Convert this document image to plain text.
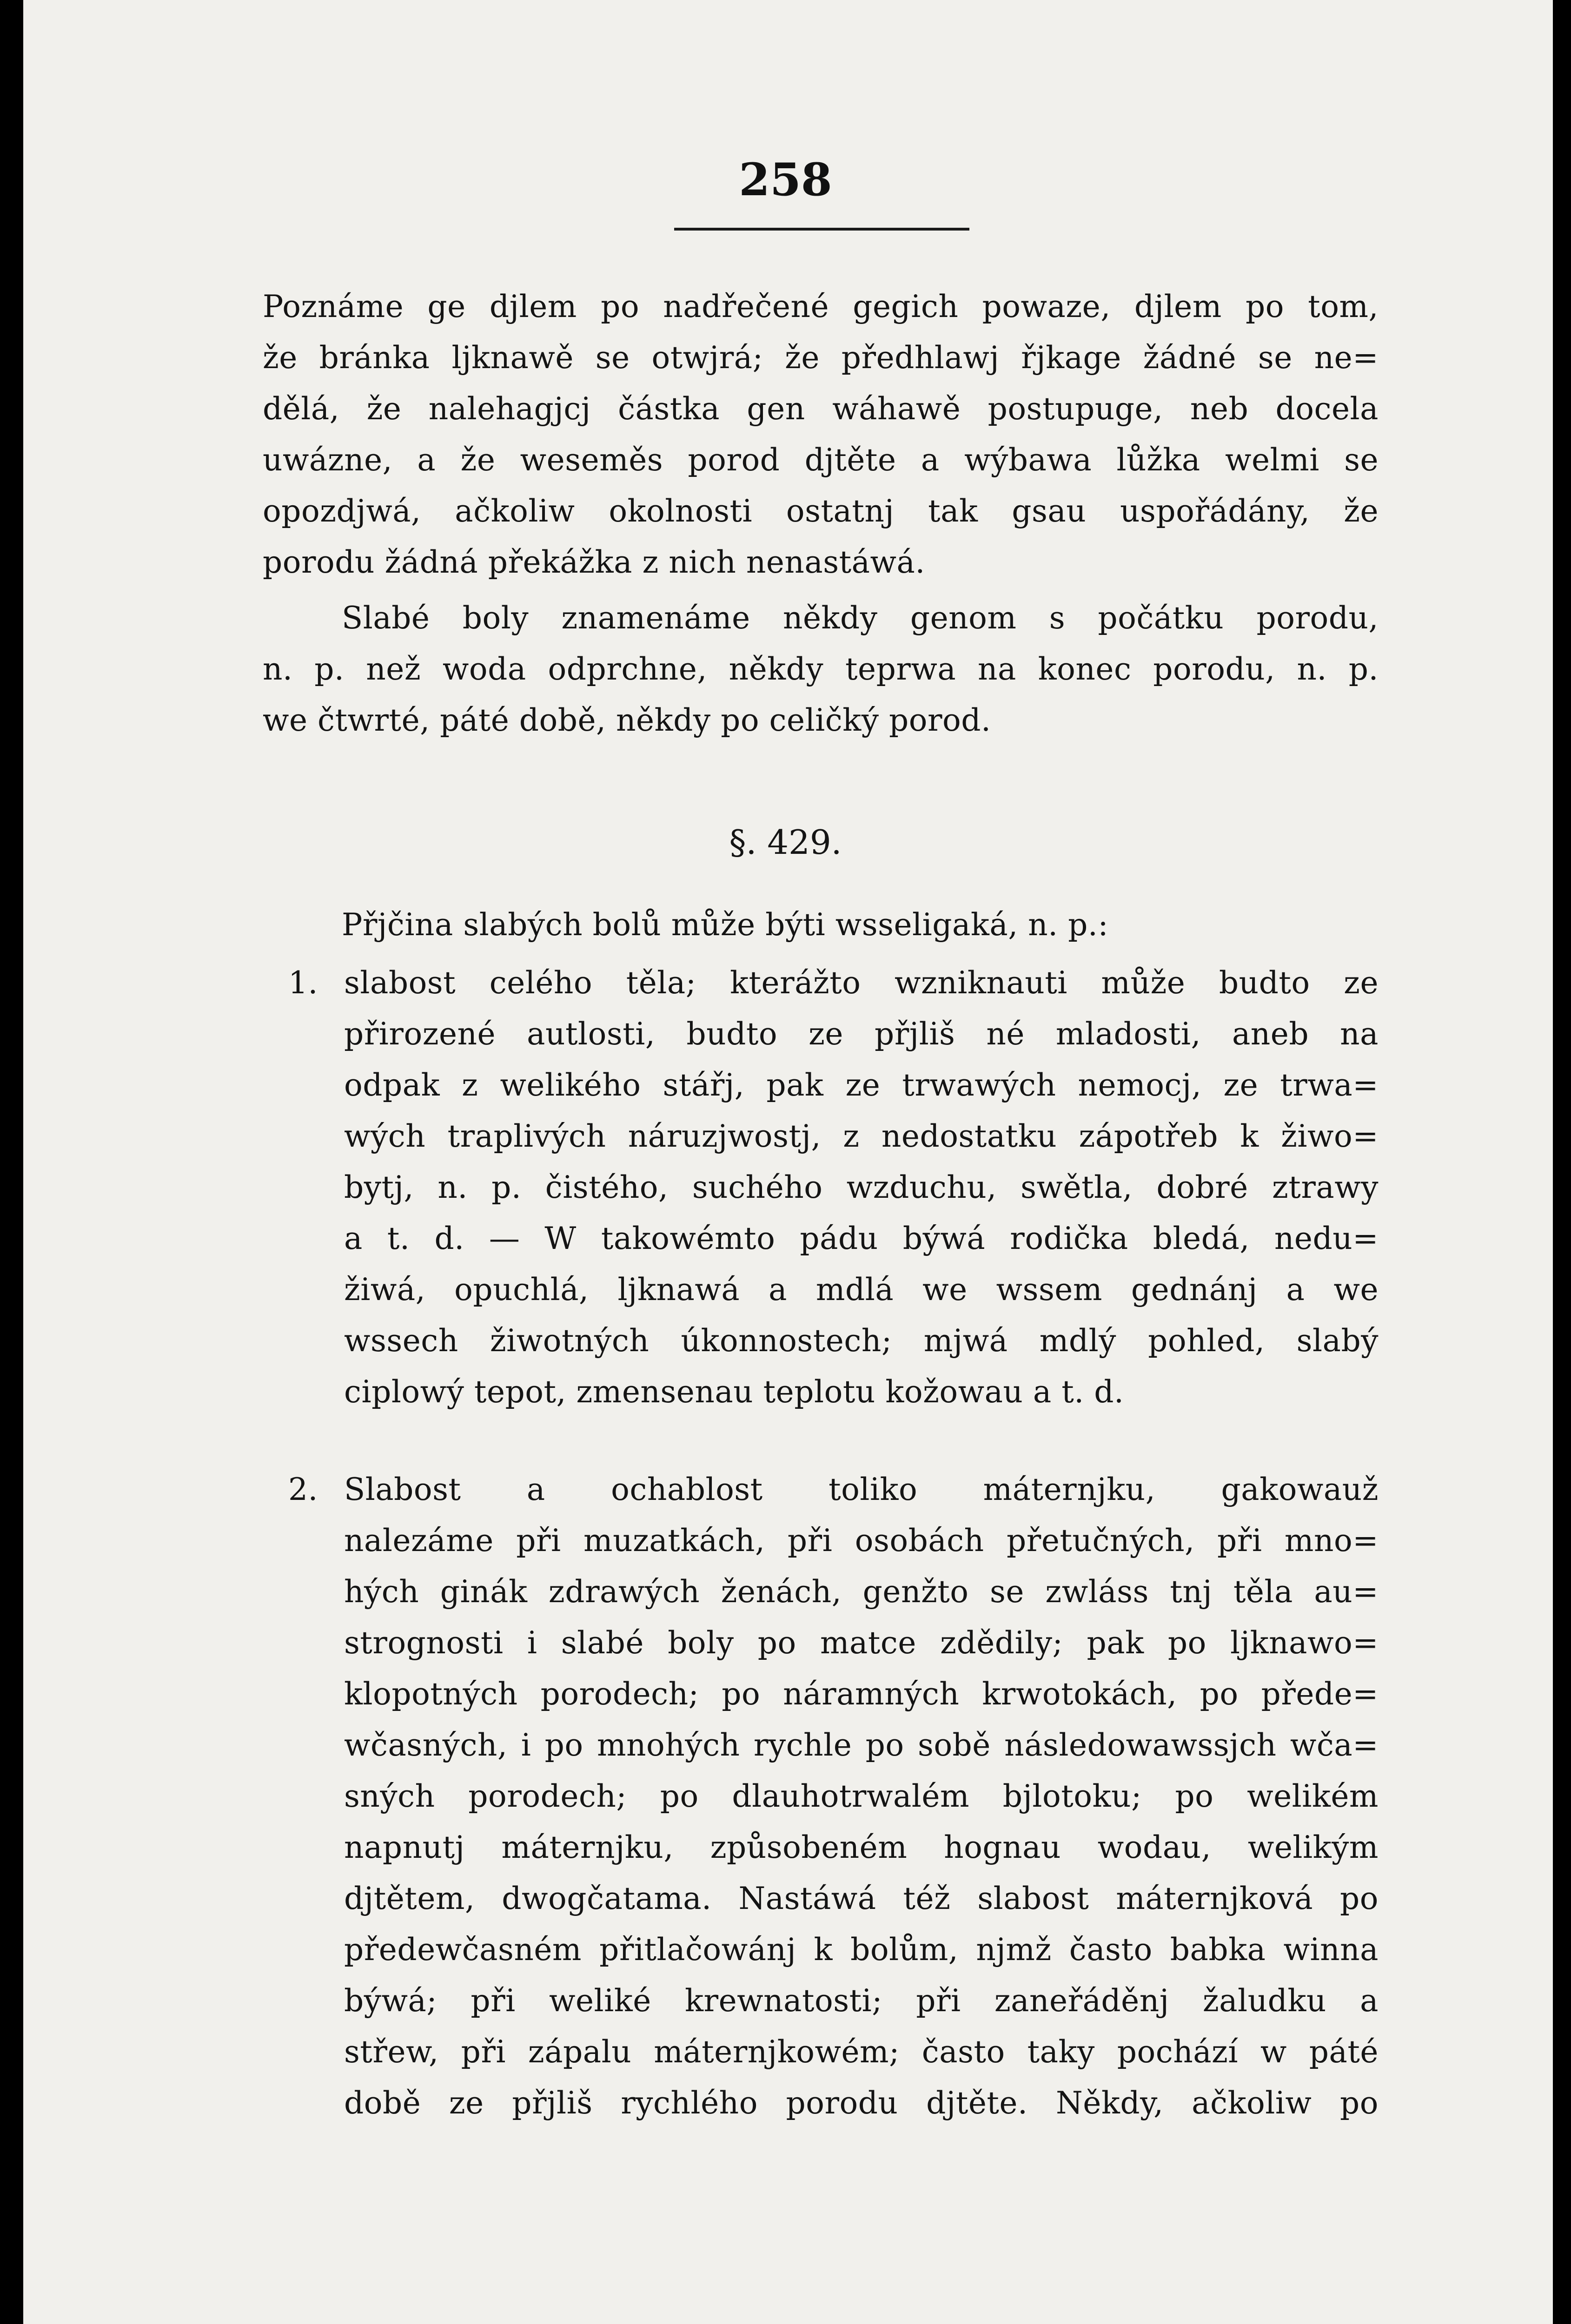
258
Poznáme ge djlem po nadřečené gegich powaze, djlem po tom,
že bránka ljknawě se otwjrá; že předhlawj řjkage žádné se ne=
dělá, že nalehagjcj částka gen wáhawě postupuge, neb docela
uwázne, a že weseměs porod djtěte a wýbawa lůžka welmi se
opozdjwá, ačkoliw okolnosti ostatnj tak gsau uspořádány, že
porodu žádná překážka z nich nenastáwá.
Slabé boly znamenáme někdy genom s počátku porodu,
n. p. než woda odprchne, někdy teprwa na konec porodu, n. p.
we čtwrté, páté době, někdy po celičký porod.
§. 429.
Přjčina slabých bolů může býti wsseligaká, n. p.:
1. slabost celého těla; kterážto wzniknauti může budto ze
přirozené autlosti, budto ze přjliš né mladosti, aneb na
odpak z welikého stářj, pak ze trwawých nemocj, ze trwa=
wých traplivých náruzjwostj, z nedostatku zápotřeb k žiwo=
bytj, n. p. čistého, suchého wzduchu, swětla, dobré ztrawy
a t. d. — W takowémto pádu býwá rodička bledá, nedu=
žiwá, opuchlá, ljknawá a mdlá we wssem gednánj a we
wssech žiwotných úkonnostech; mjwá mdlý pohled, slabý
ciplowý tepot, zmensenau teplotu kožowau a t. d.
2. Slabost a ochablost toliko máternjku, gakowauž
nalezáme při muzatkách, při osobách přetučných, při mno=
hých ginák zdrawých ženách, genžto se zwláss tnj těla au=
strognosti i slabé boly po matce zdědily; pak po ljknawo=
klopotných porodech; po náramných krwotokách, po přede=
wčasných, i po mnohých rychle po sobě následowawssjch wča=
sných porodech; po dlauhotrwalém bjlotoku; po welikém
napnutj máternjku, způsobeném hognau wodau, welikým
djtětem, dwogčatama. Nastáwá též slabost máternjková po
předewčasném přitlačowánj k bolům, njmž často babka winna
býwá; při weliké krewnatosti; při zaneřáděnj žaludku a
střew, při zápalu máternjkowém; často taky pochází w páté
době ze přjliš rychlého porodu djtěte. Někdy, ačkoliw po
